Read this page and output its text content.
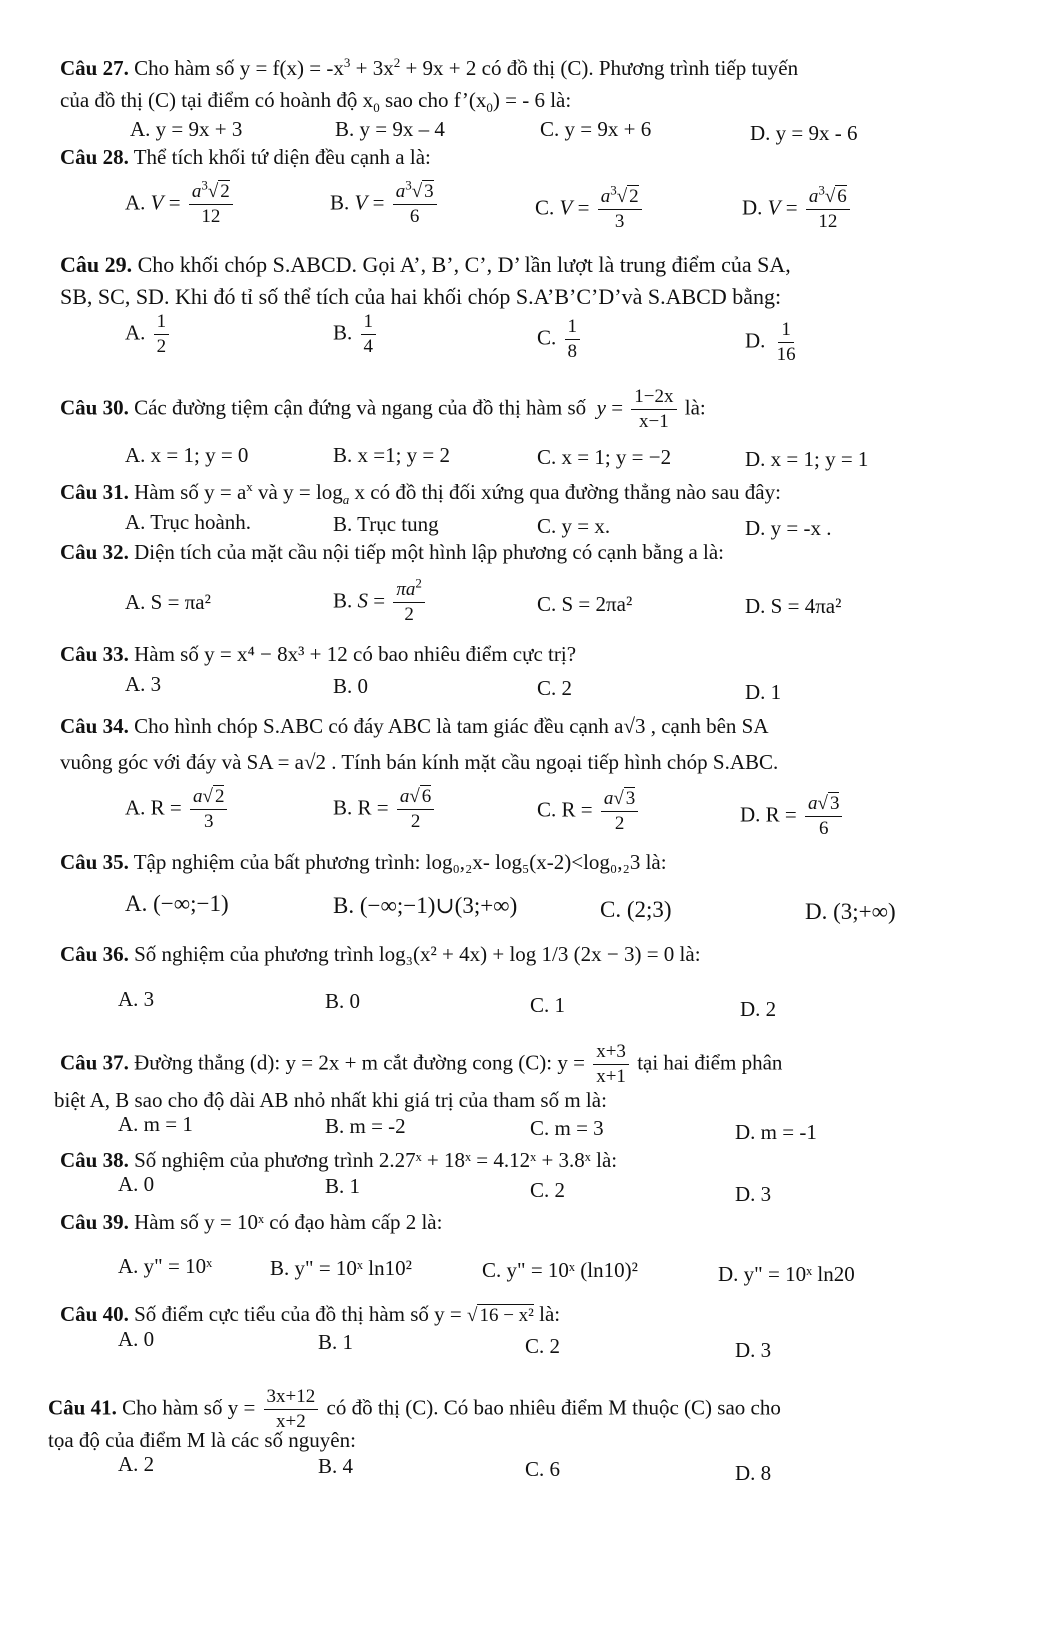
Câu 27. Cho hàm số $y = f(x) = -x^3 + 3x^2 + 9x + 2$ có đồ thị (C). Phương trình tiếp tuyến
của đồ thị (C) tại điểm có hoành độ $x_0$ sao cho $f’(x_0)$ = - 6 là:
A. y = 9x + 3	B. y = 9x – 4	C. y = 9x + 6	D. y = 9x - 6
Câu 28. Thể tích khối tứ diện đều cạnh a là:
A. $V = \frac{a^3√ 2}{12}$	B. $V = \frac{a^3√ 3}{6}$	C. $V = \frac{a^3√ 2}{3}$	D. $V = \frac{a^3√ 6}{12}$
Câu 29. Cho khối chóp S.ABCD. Gọi A’, B’, C’, D’ lần lượt là trung điểm của SA,
SB, SC, SD. Khi đó tỉ số thể tích của hai khối chóp S.A’B’C’D’và S.ABCD bằng:
A. $\frac{1}{2}$	B. $\frac{1}{4}$	C. $\frac{1}{8}$	D. $\frac{1}{16}$
Câu 30. Các đường tiệm cận đứng và ngang của đồ thị hàm số $y = \frac{1-2x}{x-1}$ là:
A. x = 1; y = 0	B. x =1; y = 2	C. x = 1; y = −2	D. x = 1; y = 1
Câu 31. Hàm số $y = a^x$ và $y = \log_a x$ có đồ thị đối xứng qua đường thẳng nào sau đây:
A. Trục hoành.	B. Trục tung	C. y = x.	D. y = -x .
Câu 32. Diện tích của mặt cầu nội tiếp một hình lập phương có cạnh bằng a là:
A. S = πa²	B. $S = \frac{\pi a^2}{2}$	C. S = 2πa²	D. S = 4πa²
Câu 33. Hàm số y = x⁴ − 8x³ + 12 có bao nhiêu điểm cực trị?
A. 3	B. 0	C. 2	D. 1
Câu 34. Cho hình chóp S.ABC có đáy ABC là tam giác đều cạnh a√3 , cạnh bên SA
vuông góc với đáy và SA = a√2 . Tính bán kính mặt cầu ngoại tiếp hình chóp S.ABC.
A. $R = \frac{a√ 2}{3}$	B. $R = \frac{a√ 6}{2}$	C. $R = \frac{a√ 3}{2}$	D. $R = \frac{a√ 3}{6}$
Câu 35. Tập nghiệm của bất phương trình: log₀,₂x- log₅(x-2)<log₀,₂3 là:
A. (−∞;−1)	B. (−∞;−1)∪(3;+∞)	C. (2;3)	D. (3;+∞)
Câu 36. Số nghiệm của phương trình log₃(x² + 4x) + log 1/3 (2x − 3) = 0 là:
A. 3	B. 0	C. 1	D. 2
Câu 37. Đường thẳng (d): y = 2x + m cắt đường cong (C): $y = \frac{x+3}{x+1}$ tại hai điểm phân
biệt A, B sao cho độ dài AB nhỏ nhất khi giá trị của tham số m là:
A. m = 1	B. m = -2	C. m = 3	D. m = -1
Câu 38. Số nghiệm của phương trình 2.27ˣ + 18ˣ = 4.12ˣ + 3.8ˣ là:
A. 0	B. 1	C. 2	D. 3
Câu 39. Hàm số y = 10ˣ có đạo hàm cấp 2 là:
A. y" = 10ˣ	B. y" = 10ˣ ln10²	C. y" = 10ˣ (ln10)²	D. y" = 10ˣ ln20
Câu 40. Số điểm cực tiểu của đồ thị hàm số y = √ 16 − x² là:
A. 0	B. 1	C. 2	D. 3
Câu 41. Cho hàm số $y = \frac{3x+12}{x+2}$ có đồ thị (C). Có bao nhiêu điểm M thuộc (C) sao cho
tọa độ của điểm M là các số nguyên:
A. 2	B. 4	C. 6	D. 8
